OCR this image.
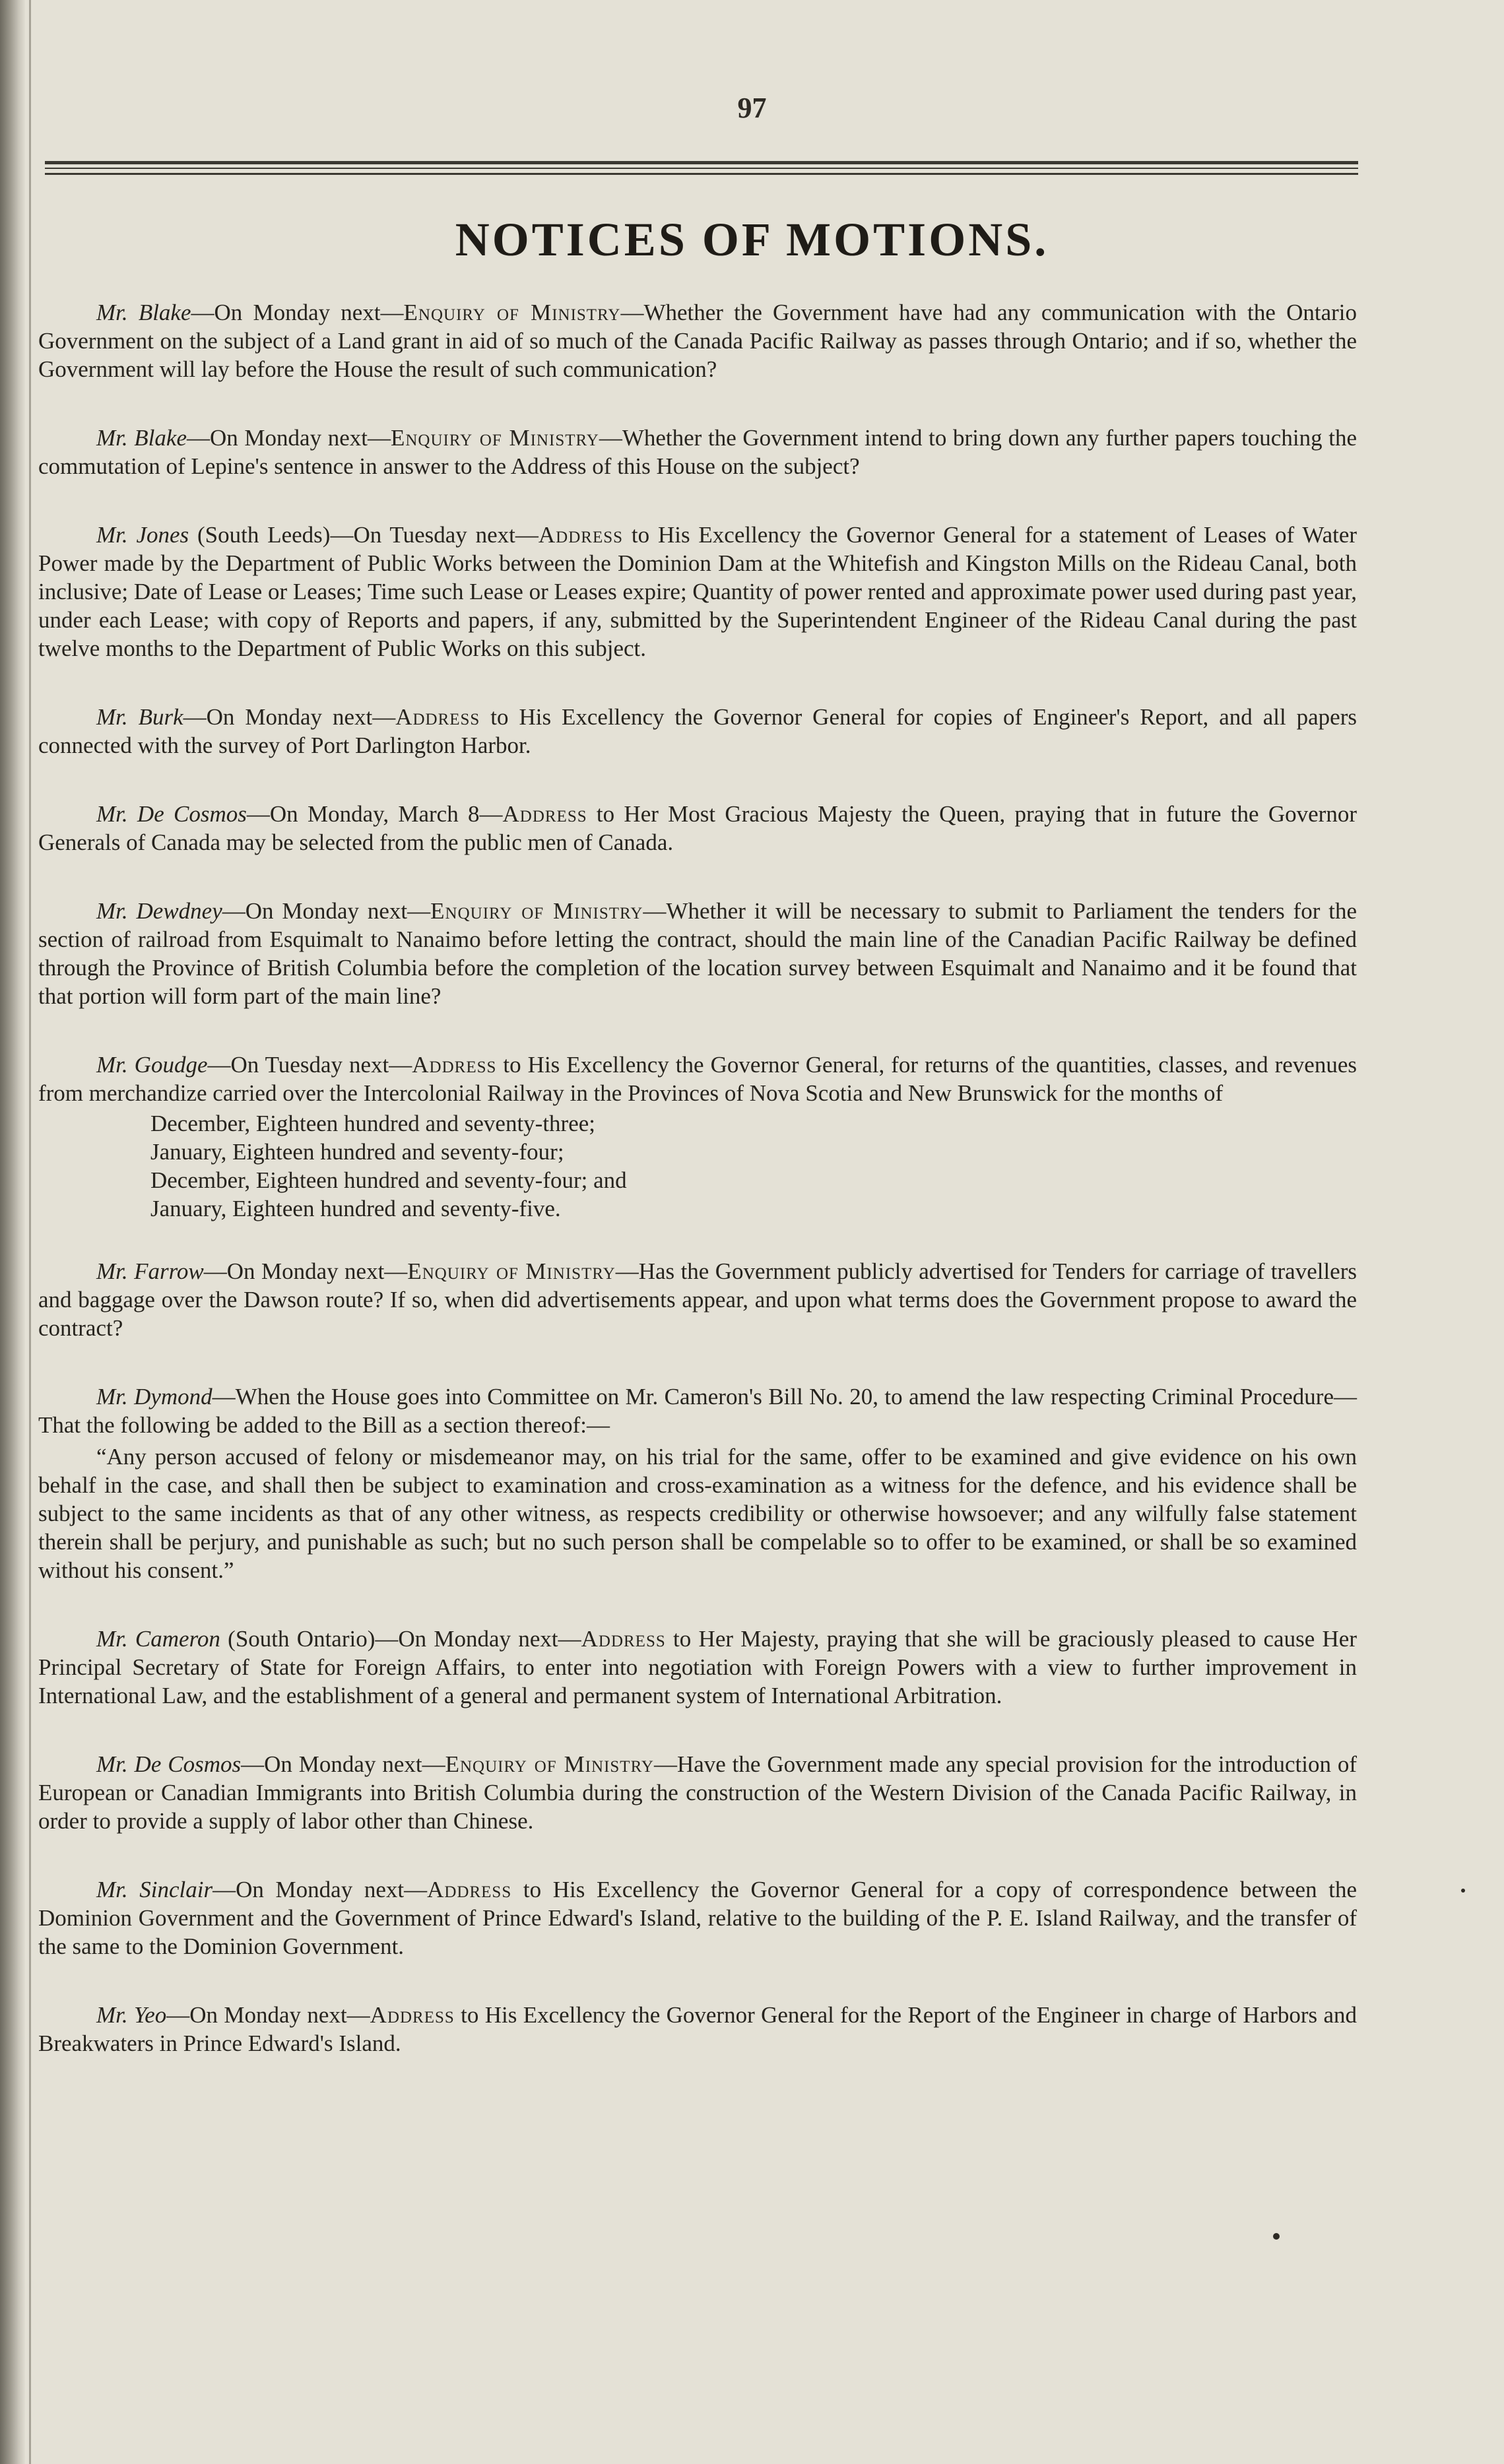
97
NOTICES OF MOTIONS.

Mr. Blake—On Monday next—Enquiry of Ministry—Whether the Government have had any communication with the Ontario Government on the subject of a Land grant in aid of so much of the Canada Pacific Railway as passes through Ontario; and if so, whether the Government will lay before the House the result of such communication?

Mr. Blake—On Monday next—Enquiry of Ministry—Whether the Government intend to bring down any further papers touching the commutation of Lepine's sentence in answer to the Address of this House on the subject?

Mr. Jones (South Leeds)—On Tuesday next—Address to His Excellency the Governor General for a statement of Leases of Water Power made by the Department of Public Works between the Dominion Dam at the Whitefish and Kingston Mills on the Rideau Canal, both inclusive; Date of Lease or Leases; Time such Lease or Leases expire; Quantity of power rented and approximate power used during past year, under each Lease; with copy of Reports and papers, if any, submitted by the Superintendent Engineer of the Rideau Canal during the past twelve months to the Department of Public Works on this subject.

Mr. Burk—On Monday next—Address to His Excellency the Governor General for copies of Engineer's Report, and all papers connected with the survey of Port Darlington Harbor.

Mr. De Cosmos—On Monday, March 8—Address to Her Most Gracious Majesty the Queen, praying that in future the Governor Generals of Canada may be selected from the public men of Canada.

Mr. Dewdney—On Monday next—Enquiry of Ministry—Whether it will be necessary to submit to Parliament the tenders for the section of railroad from Esquimalt to Nanaimo before letting the contract, should the main line of the Canadian Pacific Railway be defined through the Province of British Columbia before the completion of the location survey between Esquimalt and Nanaimo and it be found that that portion will form part of the main line?

Mr. Goudge—On Tuesday next—Address to His Excellency the Governor General, for returns of the quantities, classes, and revenues from merchandize carried over the Intercolonial Railway in the Provinces of Nova Scotia and New Brunswick for the months of

December, Eighteen hundred and seventy-three;
January, Eighteen hundred and seventy-four;
December, Eighteen hundred and seventy-four; and
January, Eighteen hundred and seventy-five.

Mr. Farrow—On Monday next—Enquiry of Ministry—Has the Government publicly advertised for Tenders for carriage of travellers and baggage over the Dawson route? If so, when did advertisements appear, and upon what terms does the Government propose to award the contract?

Mr. Dymond—When the House goes into Committee on Mr. Cameron's Bill No. 20, to amend the law respecting Criminal Procedure—That the following be added to the Bill as a section thereof:—

“Any person accused of felony or misdemeanor may, on his trial for the same, offer to be examined and give evidence on his own behalf in the case, and shall then be subject to examination and cross-examination as a witness for the defence, and his evidence shall be subject to the same incidents as that of any other witness, as respects credibility or otherwise howsoever; and any wilfully false statement therein shall be perjury, and punishable as such; but no such person shall be compelable so to offer to be examined, or shall be so examined without his consent.”

Mr. Cameron (South Ontario)—On Monday next—Address to Her Majesty, praying that she will be graciously pleased to cause Her Principal Secretary of State for Foreign Affairs, to enter into negotiation with Foreign Powers with a view to further improvement in International Law, and the establishment of a general and permanent system of International Arbitration.

Mr. De Cosmos—On Monday next—Enquiry of Ministry—Have the Government made any special provision for the introduction of European or Canadian Immigrants into British Columbia during the construction of the Western Division of the Canada Pacific Railway, in order to provide a supply of labor other than Chinese.

Mr. Sinclair—On Monday next—Address to His Excellency the Governor General for a copy of correspondence between the Dominion Government and the Government of Prince Edward's Island, relative to the building of the P. E. Island Railway, and the transfer of the same to the Dominion Government.

Mr. Yeo—On Monday next—Address to His Excellency the Governor General for the Report of the Engineer in charge of Harbors and Breakwaters in Prince Edward's Island.
